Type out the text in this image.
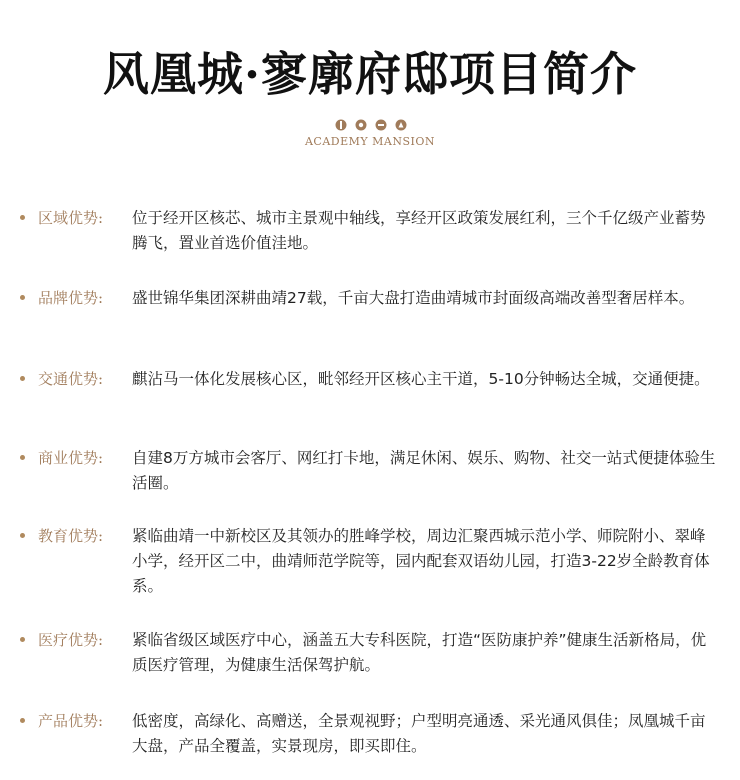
风凰城·寥廓府邸项目简介
ACADEMY MANSION
区域优势: 位于经开区核芯、城市主景观中轴线，享经开区政策发展红利，三个千亿级产业蓄势腾飞，置业首选价值洼地。

品牌优势: 盛世锦华集团深耕曲靖27载，千亩大盘打造曲靖城市封面级高端改善型奢居样本。

交通优势: 麒沾马一体化发展核心区，毗邻经开区核心主干道，5-10分钟畅达全城，交通便捷。

商业优势: 自建8万方城市会客厅、网红打卡地，满足休闲、娱乐、购物、社交一站式便捷体验生活圈。

教育优势: 紧临曲靖一中新校区及其领办的胜峰学校，周边汇聚西城示范小学、师院附小、翠峰小学，经开区二中，曲靖师范学院等，园内配套双语幼儿园，打造3-22岁全龄教育体系。

医疗优势: 紧临省级区域医疗中心，涵盖五大专科医院，打造“医防康护养”健康生活新格局，优质医疗管理，为健康生活保驾护航。

产品优势: 低密度，高绿化、高赠送，全景观视野；户型明亮通透、采光通风俱佳；凤凰城千亩大盘，产品全覆盖，实景现房，即买即住。
